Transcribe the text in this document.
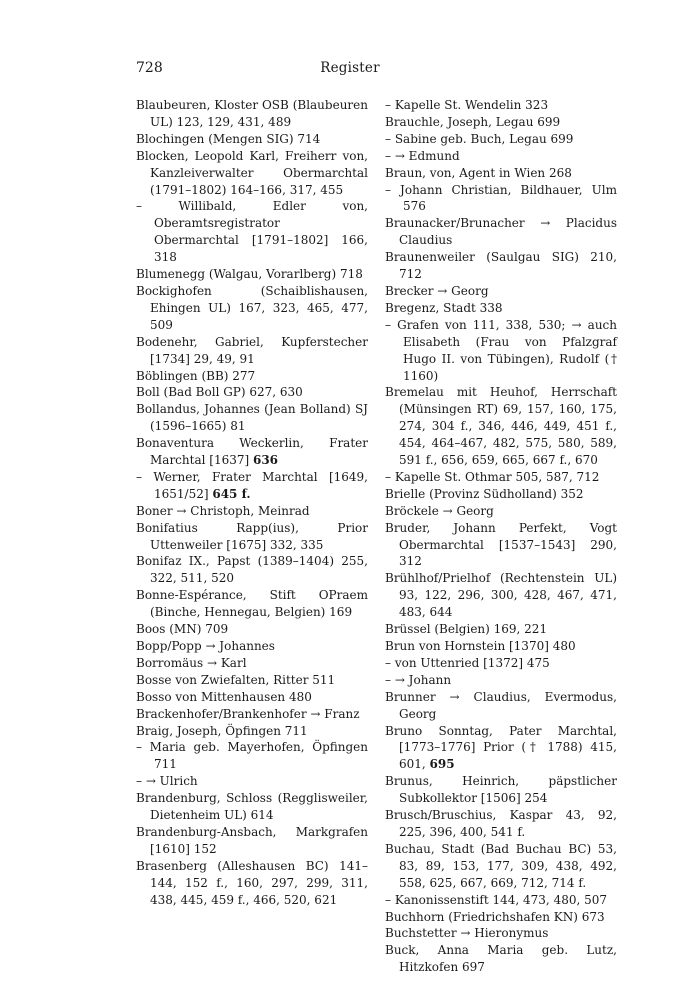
728	Register

Blaubeuren, Kloster OSB (Blaubeuren UL) 123, 129, 431, 489

Blochingen (Mengen SIG) 714

Blocken, Leopold Karl, Freiherr von, Kanzleiverwalter Obermarchtal (1791–1802) 164–166, 317, 455

– Willibald, Edler von, Oberamtsregistrator Obermarchtal [1791–1802] 166, 318

Blumenegg (Walgau, Vorarlberg) 718

Bockighofen (Schaiblishausen, Ehingen UL) 167, 323, 465, 477, 509

Bodenehr, Gabriel, Kupferstecher [1734] 29, 49, 91

Böblingen (BB) 277

Boll (Bad Boll GP) 627, 630

Bollandus, Johannes (Jean Bolland) SJ (1596–1665) 81

Bonaventura Weckerlin, Frater Marchtal [1637] 636

– Werner, Frater Marchtal [1649, 1651/52] 645 f.

Boner → Christoph, Meinrad

Bonifatius Rapp(ius), Prior Uttenweiler [1675] 332, 335

Bonifaz IX., Papst (1389–1404) 255, 322, 511, 520

Bonne-Espérance, Stift OPraem (Binche, Hennegau, Belgien) 169

Boos (MN) 709

Bopp/Popp → Johannes

Borromäus → Karl

Bosse von Zwiefalten, Ritter 511

Bosso von Mittenhausen 480

Brackenhofer/Brankenhofer → Franz

Braig, Joseph, Öpfingen 711

– Maria geb. Mayerhofen, Öpfingen 711

– → Ulrich

Brandenburg, Schloss (Regglisweiler, Dietenheim UL) 614

Brandenburg-Ansbach, Markgrafen [1610] 152

Brasenberg (Alleshausen BC) 141–144, 152 f., 160, 297, 299, 311, 438, 445, 459 f., 466, 520, 621

– Kapelle St. Wendelin 323

Brauchle, Joseph, Legau 699

– Sabine geb. Buch, Legau 699

– → Edmund

Braun, von, Agent in Wien 268

– Johann Christian, Bildhauer, Ulm 576

Braunacker/Brunacher → Placidus Claudius

Braunenweiler (Saulgau SIG) 210, 712

Brecker → Georg

Bregenz, Stadt 338

– Grafen von 111, 338, 530; → auch Elisabeth (Frau von Pfalzgraf Hugo II. von Tübingen), Rudolf († 1160)

Bremelau mit Heuhof, Herrschaft (Münsingen RT) 69, 157, 160, 175, 274, 304 f., 346, 446, 449, 451 f., 454, 464–467, 482, 575, 580, 589, 591 f., 656, 659, 665, 667 f., 670

– Kapelle St. Othmar 505, 587, 712

Brielle (Provinz Südholland) 352

Bröckele → Georg

Bruder, Johann Perfekt, Vogt Obermarchtal [1537–1543] 290, 312

Brühlhof/Prielhof (Rechtenstein UL) 93, 122, 296, 300, 428, 467, 471, 483, 644

Brüssel (Belgien) 169, 221

Brun von Hornstein [1370] 480

– von Uttenried [1372] 475

– → Johann

Brunner → Claudius, Evermodus, Georg

Bruno Sonntag, Pater Marchtal, [1773–1776] Prior († 1788) 415, 601, 695

Brunus, Heinrich, päpstlicher Subkollektor [1506] 254

Brusch/Bruschius, Kaspar 43, 92, 225, 396, 400, 541 f.

Buchau, Stadt (Bad Buchau BC) 53, 83, 89, 153, 177, 309, 438, 492, 558, 625, 667, 669, 712, 714 f.

– Kanonissenstift 144, 473, 480, 507

Buchhorn (Friedrichshafen KN) 673

Buchstetter → Hieronymus

Buck, Anna Maria geb. Lutz, Hitzkofen 697
